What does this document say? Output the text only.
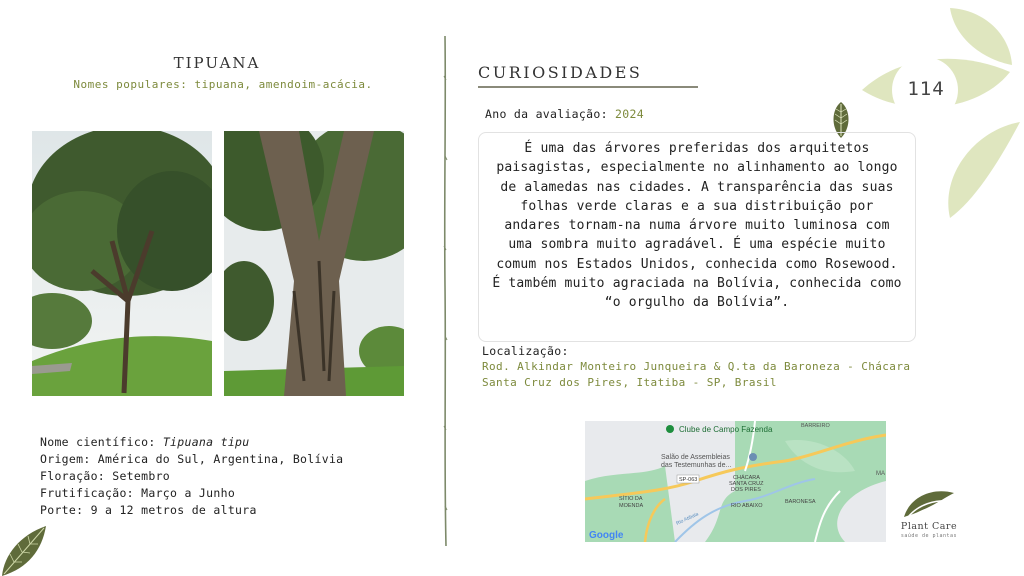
114
TIPUANA
Nomes populares: tipuana, amendoim-acácia.
Nome científico: Tipuana tipu
Origem: América do Sul, Argentina, Bolívia
Floração: Setembro
Frutificação: Março a Junho
Porte: 9 a 12 metros de altura
CURIOSIDADES
Ano da avaliação: 2024
É uma das árvores preferidas dos arquitetos paisagistas, especialmente no alinhamento ao longo de alamedas nas cidades. A transparência das suas folhas verde claras e a sua distribuição por andares tornam-na numa árvore muito luminosa com uma sombra muito agradável. É uma espécie muito comum nos Estados Unidos, conhecida como Rosewood. É também muito agraciada na Bolívia, conhecida como “o orgulho da Bolívia”.
Localização:
Rod. Alkindar Monteiro Junqueira & Q.ta da Baroneza - Chácara Santa Cruz dos Pires, Itatiba - SP, Brasil
Clube de Campo Fazenda	BARREIRO
Salão de Assembleias
das Testemunhas de...
SP-063	CHÁCARA
SANTA CRUZ
DOS PIRES
SÍTIO DA
MOENDA	RIO ABAIXO
BARONESA
Rio Atibaia
MA
Google
Plant Care
saúde de plantas
